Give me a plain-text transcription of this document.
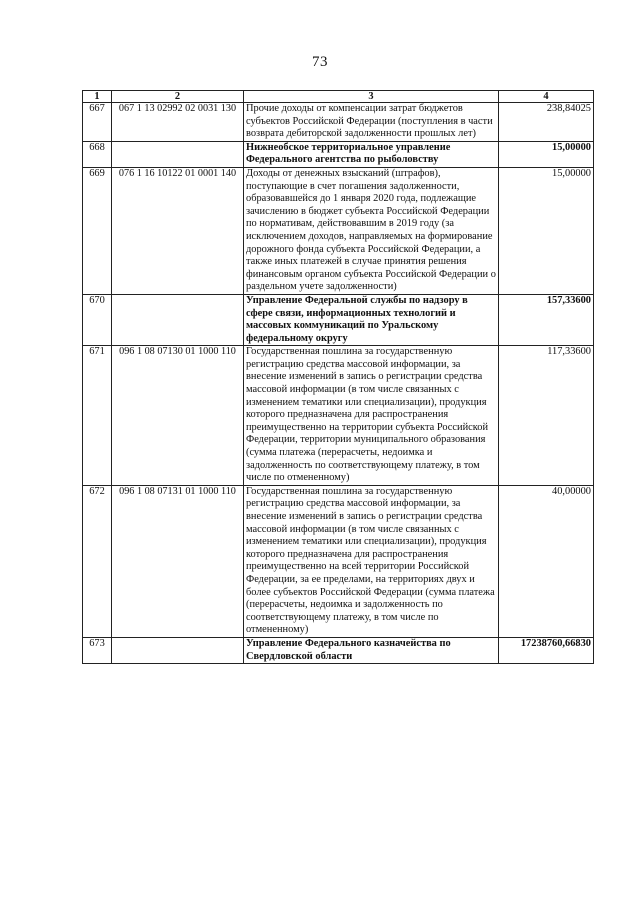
73
1	2	3	4
667	067 1 13 02992 02 0031 130	Прочие доходы от компенсации затрат бюджетов субъектов Российской Федерации (поступления в части возврата дебиторской задолженности прошлых лет)	238,84025
668		Нижнеобское территориальное управление Федерального агентства по рыболовству	15,00000
669	076 1 16 10122 01 0001 140	Доходы от денежных взысканий (штрафов), поступающие в счет погашения задолженности, образовавшейся до 1 января 2020 года, подлежащие зачислению в бюджет субъекта Российской Федерации по нормативам, действовавшим в 2019 году (за исключением доходов, направляемых на формирование дорожного фонда субъекта Российской Федерации, а также иных платежей в случае принятия решения финансовым органом субъекта Российской Федерации о раздельном учете задолженности)	15,00000
670		Управление Федеральной службы по надзору в сфере связи, информационных технологий и массовых коммуникаций по Уральскому федеральному округу	157,33600
671	096 1 08 07130 01 1000 110	Государственная пошлина за государственную регистрацию средства массовой информации, за внесение изменений в запись о регистрации средства массовой информации (в том числе связанных с изменением тематики или специализации), продукция которого предназначена для распространения преимущественно на территории субъекта Российской Федерации, территории муниципального образования (сумма платежа (перерасчеты, недоимка и задолженность по соответствующему платежу, в том числе по отмененному)	117,33600
672	096 1 08 07131 01 1000 110	Государственная пошлина за государственную регистрацию средства массовой информации, за внесение изменений в запись о регистрации средства массовой информации (в том числе связанных с изменением тематики или специализации), продукция которого предназначена для распространения преимущественно на всей территории Российской Федерации, за ее пределами, на территориях двух и более субъектов Российской Федерации (сумма платежа (перерасчеты, недоимка и задолженность по соответствующему платежу, в том числе по отмененному)	40,00000
673		Управление Федерального казначейства по Свердловской области	17238760,66830
